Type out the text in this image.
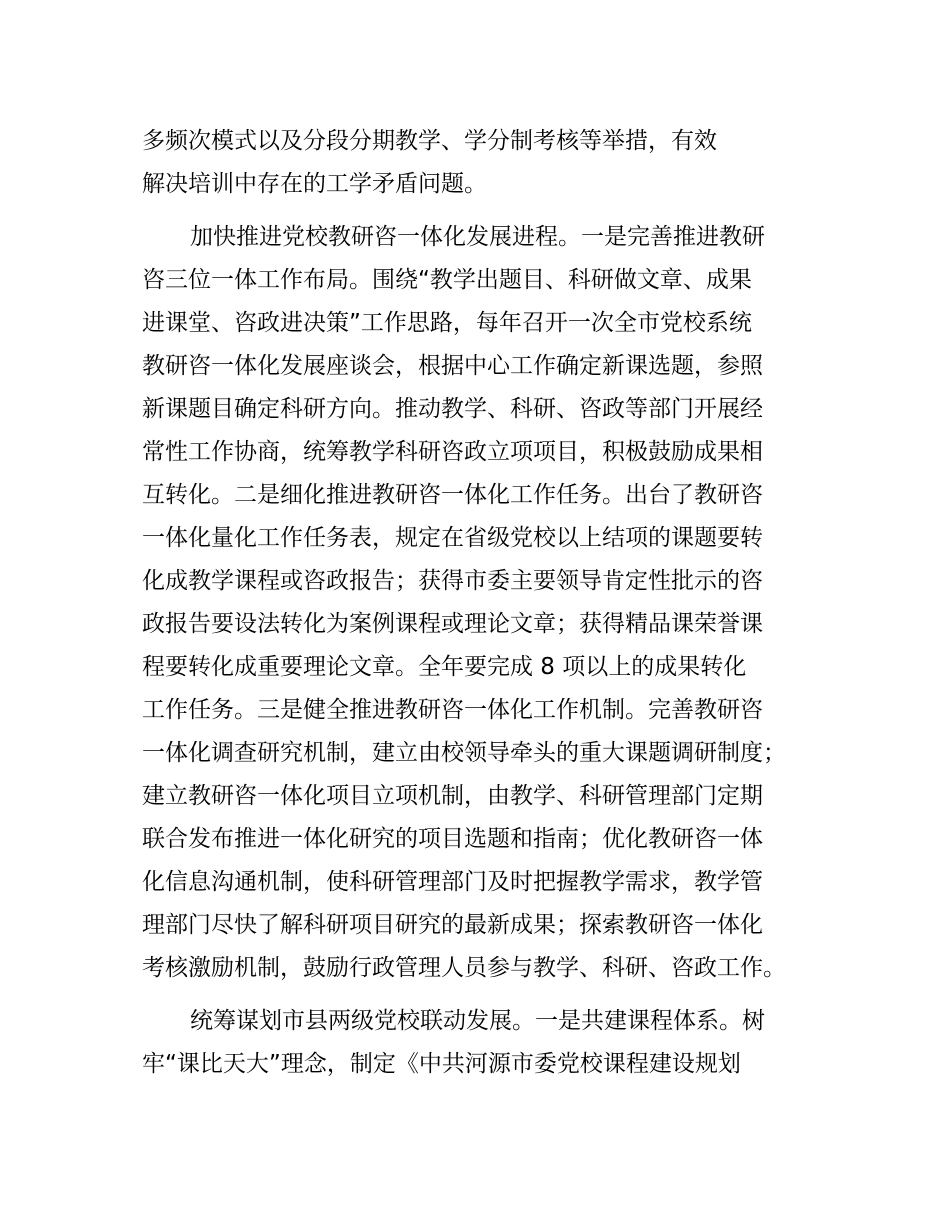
多频次模式以及分段分期教学、学分制考核等举措，有效
解决培训中存在的工学矛盾问题。

加快推进党校教研咨一体化发展进程。一是完善推进教研
咨三位一体工作布局。围绕“教学出题目、科研做文章、成果
进课堂、咨政进决策”工作思路，每年召开一次全市党校系统
教研咨一体化发展座谈会，根据中心工作确定新课选题，参照
新课题目确定科研方向。推动教学、科研、咨政等部门开展经
常性工作协商，统筹教学科研咨政立项项目，积极鼓励成果相
互转化。二是细化推进教研咨一体化工作任务。出台了教研咨
一体化量化工作任务表，规定在省级党校以上结项的课题要转
化成教学课程或咨政报告；获得市委主要领导肯定性批示的咨
政报告要设法转化为案例课程或理论文章；获得精品课荣誉课
程要转化成重要理论文章。全年要完成 8 项以上的成果转化
工作任务。三是健全推进教研咨一体化工作机制。完善教研咨
一体化调查研究机制，建立由校领导牵头的重大课题调研制度；
建立教研咨一体化项目立项机制，由教学、科研管理部门定期
联合发布推进一体化研究的项目选题和指南；优化教研咨一体
化信息沟通机制，使科研管理部门及时把握教学需求，教学管
理部门尽快了解科研项目研究的最新成果；探索教研咨一体化
考核激励机制，鼓励行政管理人员参与教学、科研、咨政工作。

统筹谋划市县两级党校联动发展。一是共建课程体系。树
牢“课比天大”理念，制定《中共河源市委党校课程建设规划
